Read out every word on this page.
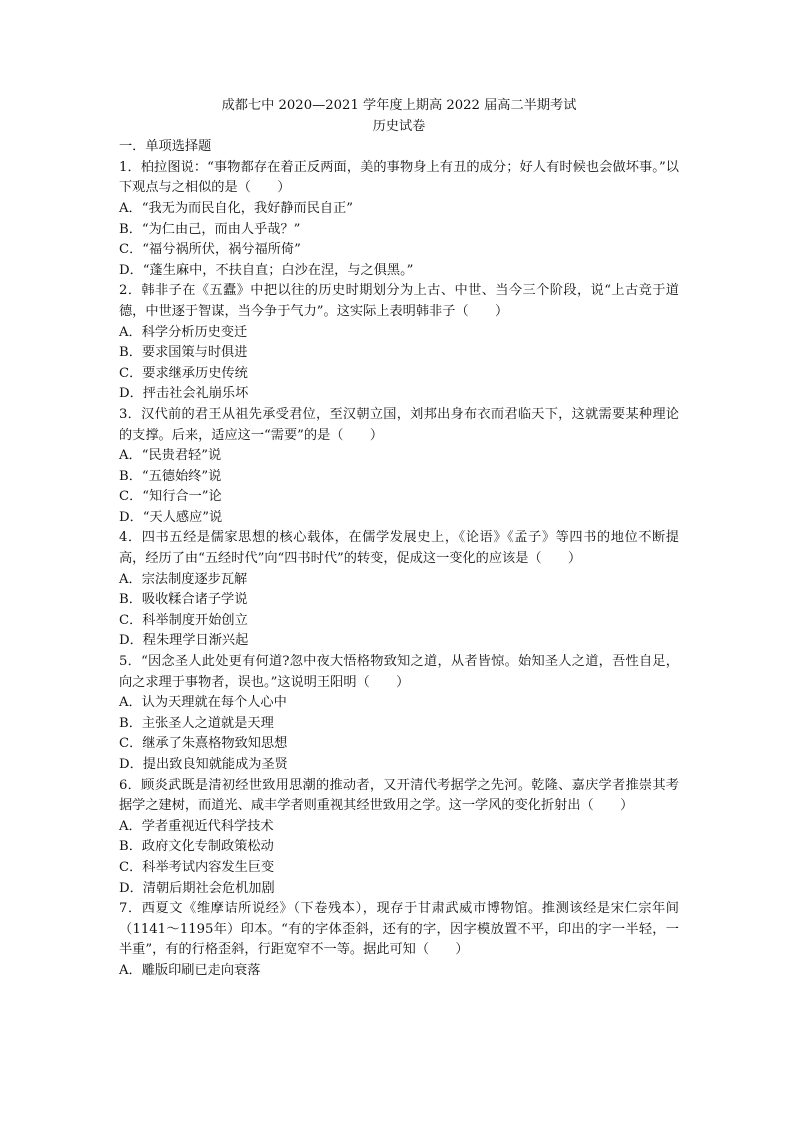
成都七中 2020—2021 学年度上期高 2022 届高二半期考试

历史试卷

一．单项选择题

1．柏拉图说：“事物都存在着正反两面，美的事物身上有丑的成分；好人有时候也会做坏事。”以下观点与之相似的是（　　）

A．“我无为而民自化，我好静而民自正”

B．“为仁由己，而由人乎哉？”

C．“福兮祸所伏，祸兮福所倚”

D．“蓬生麻中，不扶自直；白沙在涅，与之俱黑。”

2．韩非子在《五蠹》中把以往的历史时期划分为上古、中世、当今三个阶段，说“上古竞于道德，中世逐于智谋，当今争于气力”。这实际上表明韩非子（　　）

A．科学分析历史变迁

B．要求国策与时俱进

C．要求继承历史传统

D．抨击社会礼崩乐坏

3．汉代前的君王从祖先承受君位，至汉朝立国，刘邦出身布衣而君临天下，这就需要某种理论的支撑。后来，适应这一“需要”的是（　　）

A．“民贵君轻”说

B．“五德始终”说

C．“知行合一”论

D．“天人感应”说

4．四书五经是儒家思想的核心载体，在儒学发展史上，《论语》《孟子》等四书的地位不断提高，经历了由“五经时代”向“四书时代”的转变，促成这一变化的应该是（　　）

A．宗法制度逐步瓦解

B．吸收糅合诸子学说

C．科举制度开始创立

D．程朱理学日渐兴起

5．“因念圣人此处更有何道?忽中夜大悟格物致知之道，从者皆惊。始知圣人之道，吾性自足，向之求理于事物者，误也。”这说明王阳明（　　）

A．认为天理就在每个人心中

B．主张圣人之道就是天理

C．继承了朱熹格物致知思想

D．提出致良知就能成为圣贤

6．顾炎武既是清初经世致用思潮的推动者，又开清代考据学之先河。乾隆、嘉庆学者推崇其考据学之建树，而道光、咸丰学者则重视其经世致用之学。这一学风的变化折射出（　　）

A．学者重视近代科学技术

B．政府文化专制政策松动

C．科举考试内容发生巨变

D．清朝后期社会危机加剧

7．西夏文《维摩诘所说经》（下卷残本），现存于甘肃武威市博物馆。推测该经是宋仁宗年间（1141～1195年）印本。“有的字体歪斜，还有的字，因字模放置不平，印出的字一半轻，一半重”，有的行格歪斜，行距宽窄不一等。据此可知（　　）

A．雕版印刷已走向衰落
